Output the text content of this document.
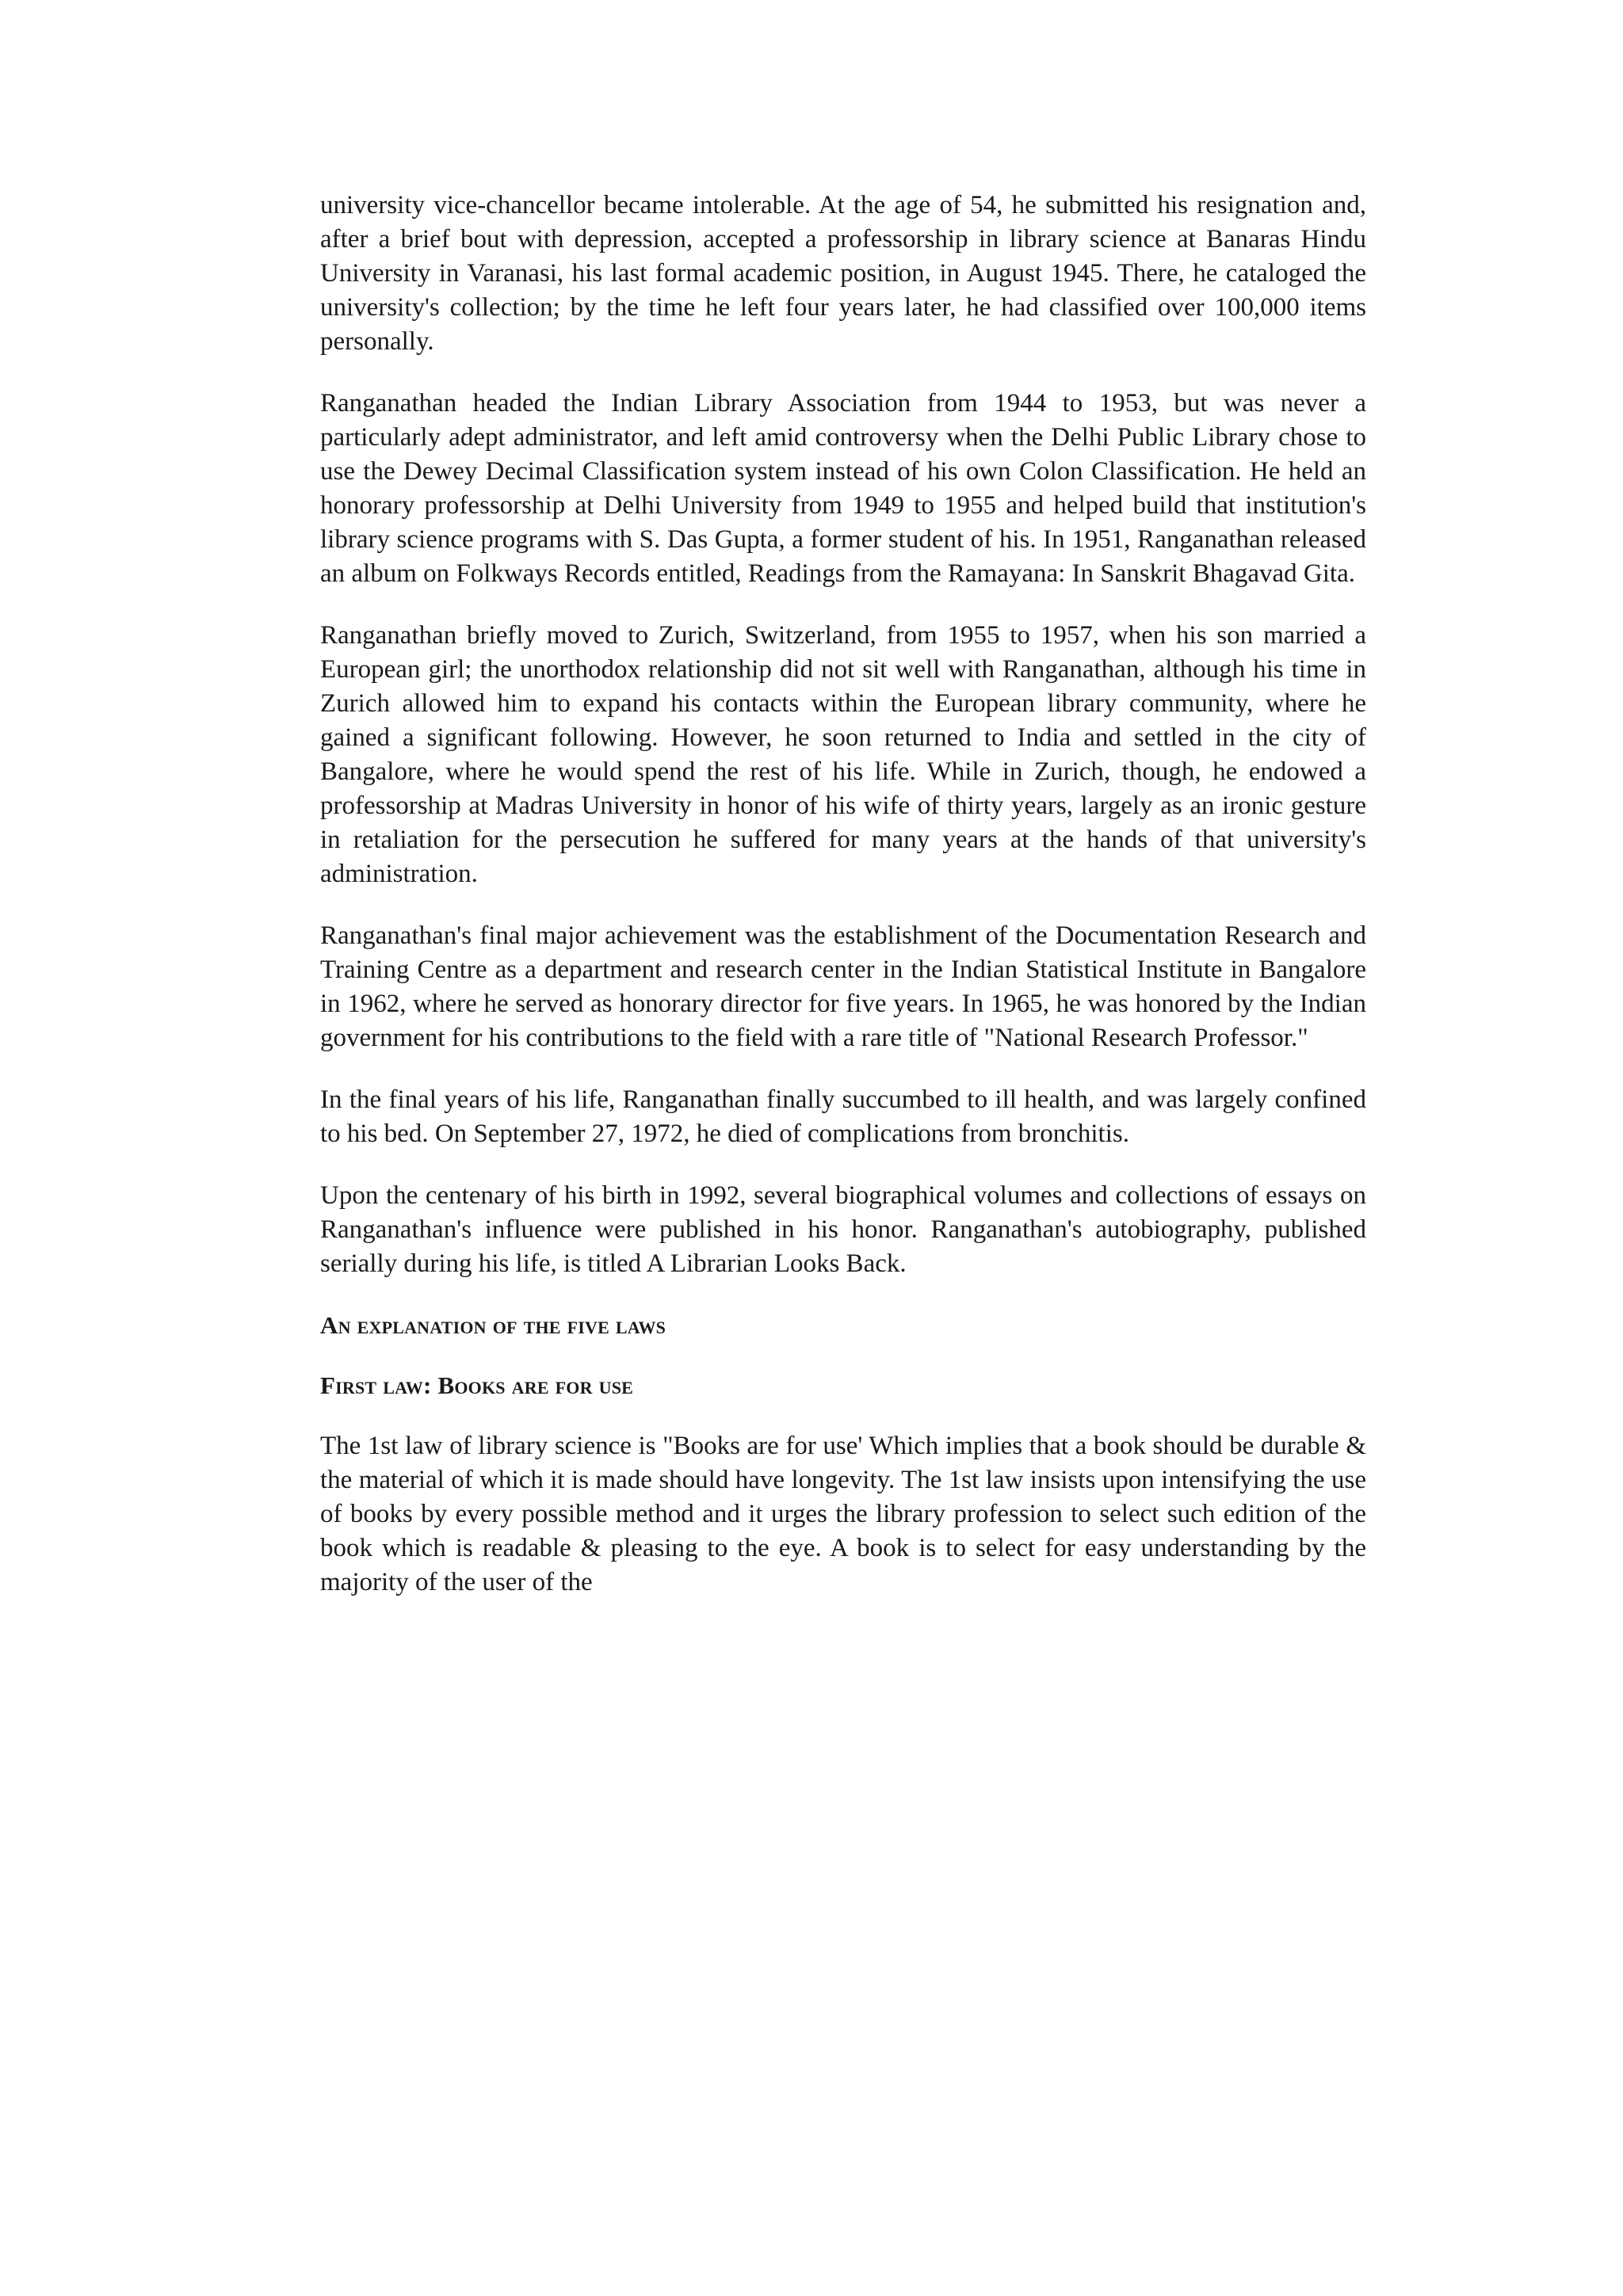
university vice-chancellor became intolerable. At the age of 54, he submitted his resignation and, after a brief bout with depression, accepted a professorship in library science at Banaras Hindu University in Varanasi, his last formal academic position, in August 1945. There, he cataloged the university's collection; by the time he left four years later, he had classified over 100,000 items personally.

Ranganathan headed the Indian Library Association from 1944 to 1953, but was never a particularly adept administrator, and left amid controversy when the Delhi Public Library chose to use the Dewey Decimal Classification system instead of his own Colon Classification. He held an honorary professorship at Delhi University from 1949 to 1955 and helped build that institution's library science programs with S. Das Gupta, a former student of his. In 1951, Ranganathan released an album on Folkways Records entitled, Readings from the Ramayana: In Sanskrit Bhagavad Gita.

Ranganathan briefly moved to Zurich, Switzerland, from 1955 to 1957, when his son married a European girl; the unorthodox relationship did not sit well with Ranganathan, although his time in Zurich allowed him to expand his contacts within the European library community, where he gained a significant following. However, he soon returned to India and settled in the city of Bangalore, where he would spend the rest of his life. While in Zurich, though, he endowed a professorship at Madras University in honor of his wife of thirty years, largely as an ironic gesture in retaliation for the persecution he suffered for many years at the hands of that university's administration.

Ranganathan's final major achievement was the establishment of the Documentation Research and Training Centre as a department and research center in the Indian Statistical Institute in Bangalore in 1962, where he served as honorary director for five years. In 1965, he was honored by the Indian government for his contributions to the field with a rare title of "National Research Professor."

In the final years of his life, Ranganathan finally succumbed to ill health, and was largely confined to his bed. On September 27, 1972, he died of complications from bronchitis.

Upon the centenary of his birth in 1992, several biographical volumes and collections of essays on Ranganathan's influence were published in his honor. Ranganathan's autobiography, published serially during his life, is titled A Librarian Looks Back.

An explanation of the five laws
First law: Books are for use

The 1st law of library science is "Books are for use' Which implies that a book should be durable & the material of which it is made should have longevity. The 1st law insists upon intensifying the use of books by every possible method and it urges the library profession to select such edition of the book which is readable & pleasing to the eye. A book is to select for easy understanding by the majority of the user of the
